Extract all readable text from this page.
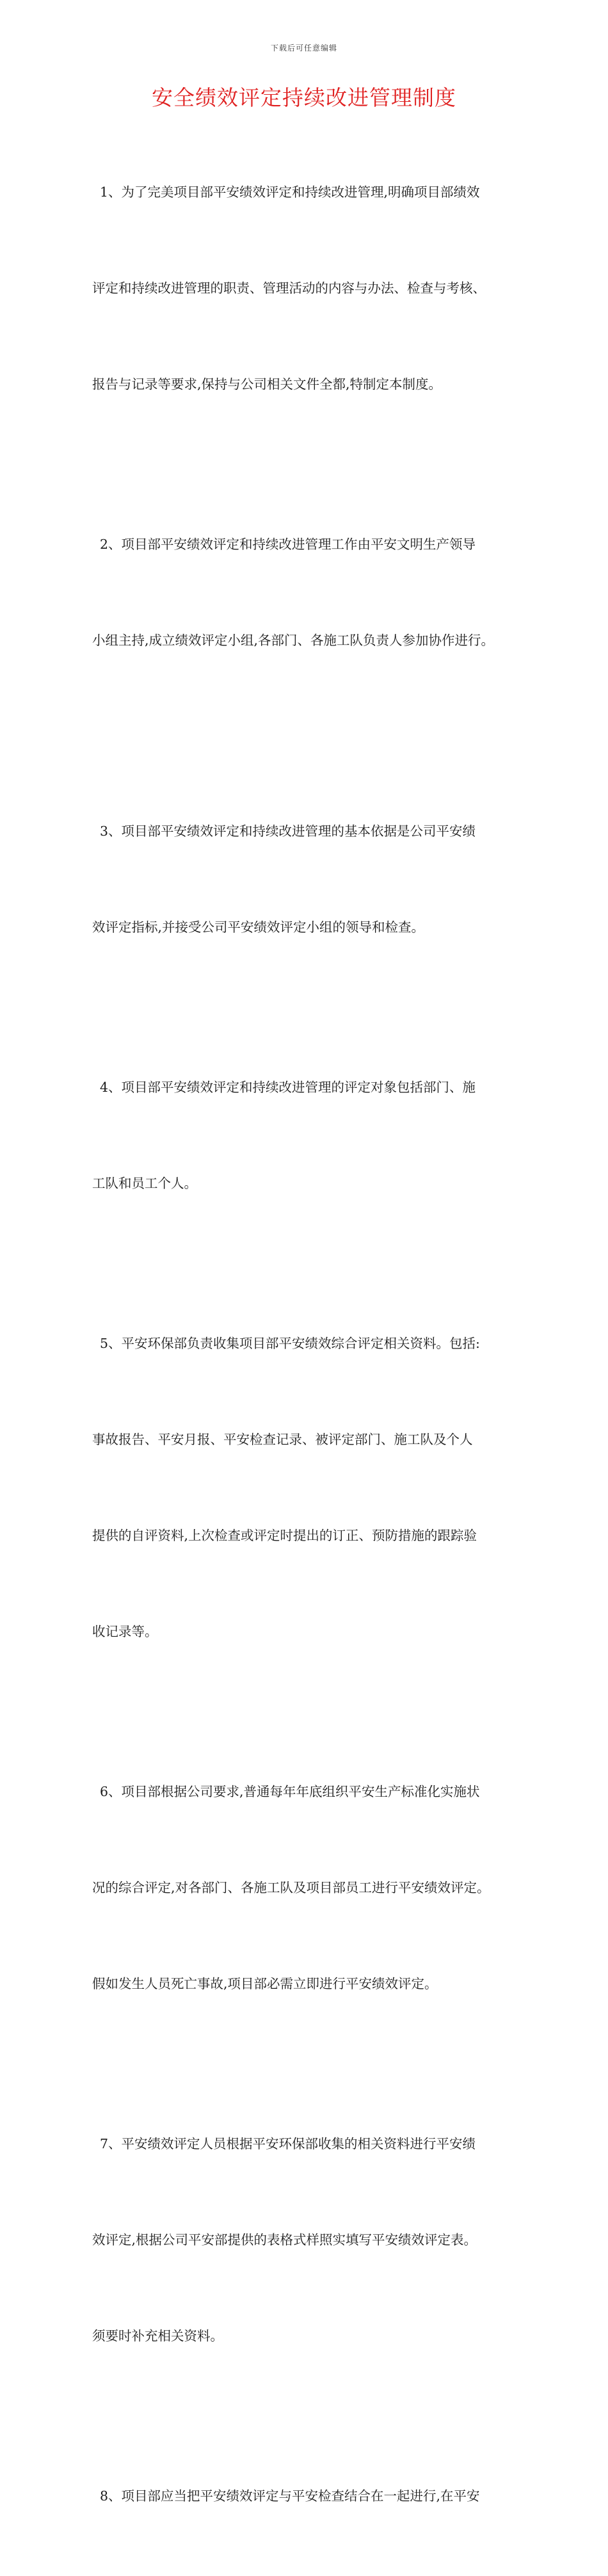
下载后可任意编辑
安全绩效评定持续改进管理制度

1、为了完美项目部平安绩效评定和持续改进管理,明确项目部绩效

评定和持续改进管理的职责、管理活动的内容与办法、检查与考核、

报告与记录等要求,保持与公司相关文件全都,特制定本制度。

2、项目部平安绩效评定和持续改进管理工作由平安文明生产领导

小组主持,成立绩效评定小组,各部门、各施工队负责人参加协作进行。

3、项目部平安绩效评定和持续改进管理的基本依据是公司平安绩

效评定指标,并接受公司平安绩效评定小组的领导和检查。

4、项目部平安绩效评定和持续改进管理的评定对象包括部门、施

工队和员工个人。

5、平安环保部负责收集项目部平安绩效综合评定相关资料。包括:

事故报告、平安月报、平安检查记录、被评定部门、施工队及个人

提供的自评资料,上次检查或评定时提出的订正、预防措施的跟踪验

收记录等。

6、项目部根据公司要求,普通每年年底组织平安生产标准化实施状

况的综合评定,对各部门、各施工队及项目部员工进行平安绩效评定。

假如发生人员死亡事故,项目部必需立即进行平安绩效评定。

7、平安绩效评定人员根据平安环保部收集的相关资料进行平安绩

效评定,根据公司平安部提供的表格式样照实填写平安绩效评定表。

须要时补充相关资料。

8、项目部应当把平安绩效评定与平安检查结合在一起进行,在平安
